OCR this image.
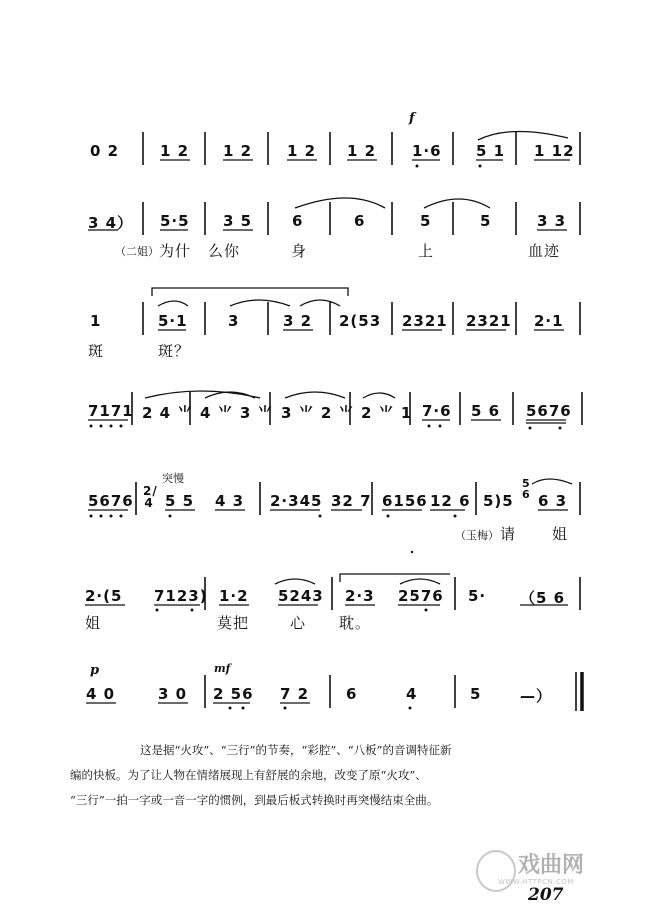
f
0 2	1 2 1 2 1 2 1 2 1·6 5 1 1 12
3 4） 5·5 3 5	6	6	5	5	3 3
（二姐） 为什 么你	身	上	血迹
1	5·1	3	3 2 2(53 2321 2321 2·1
斑	斑？
7171 2 4 ⺌ 4 ⺌ 3 ⺌ 3 ⺌ 2 ⺌ 2 ⺌ 1 7·6 5 6 5676
突慢
5676
2/4 5 5 4 3 2·345 32 7 6156 12 6 5)5
5 6 6 3
（玉梅） 请 姐
2·(5 7123) 1·2 5243 2·3 2576 5· （5 6
姐	莫把	心 耽。
p	mf
4 0	3 0 2 56 7 2 6	4	5	—）

这是据“火攻”、“三行”的节奏，“彩腔”、“八板”的音调特征新

编的快板。为了让人物在情绪展现上有舒展的余地，改变了原“火攻”、

“三行”一拍一字或一音一字的惯例，到最后板式转换时再突慢结束全曲。

戏曲网
WWW.HTTPCN.COM
207
